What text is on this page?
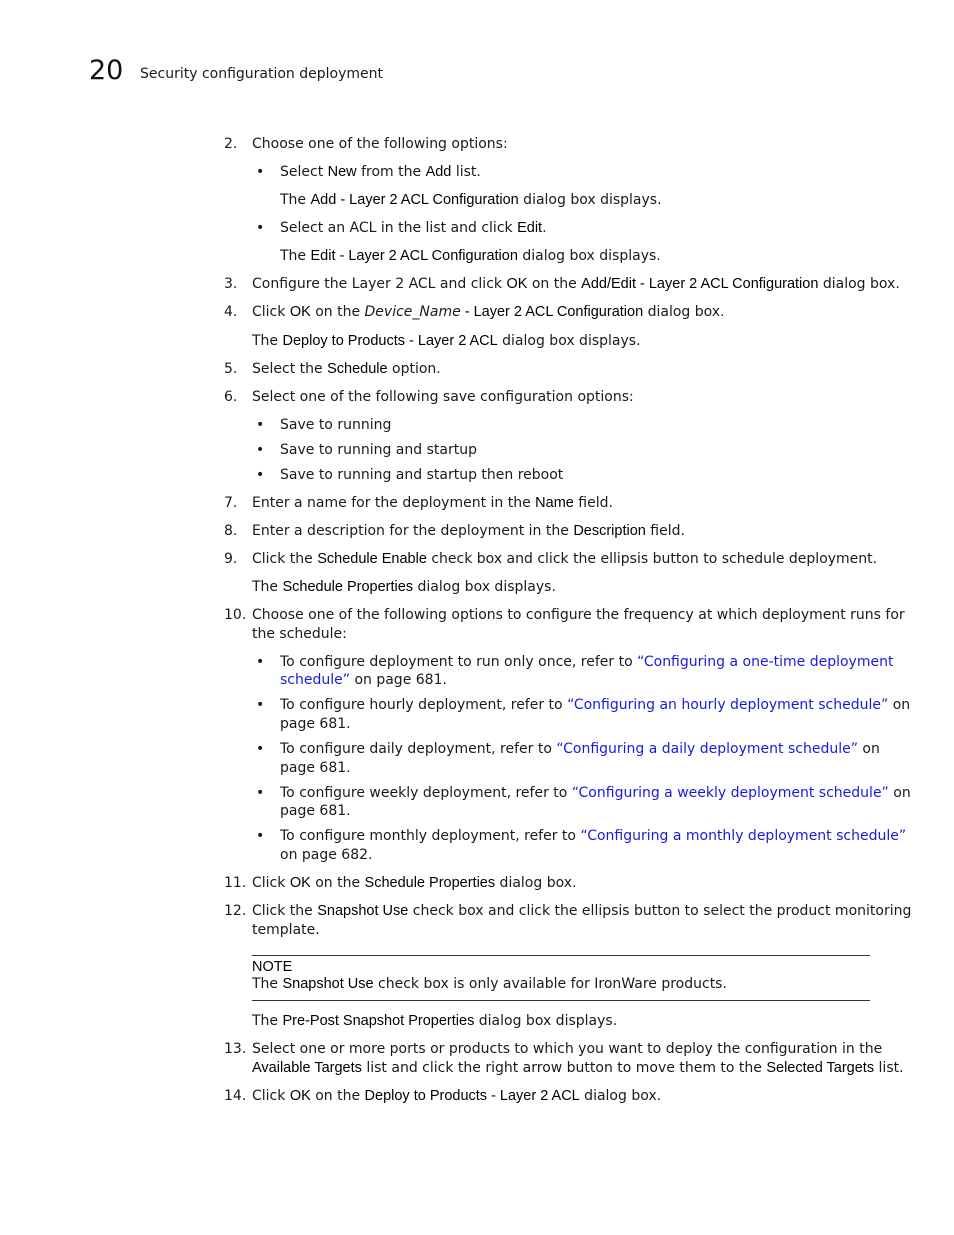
20 Security configuration deployment
2. Choose one of the following options:
• Select New from the Add list.
The Add - Layer 2 ACL Configuration dialog box displays.
• Select an ACL in the list and click Edit.
The Edit - Layer 2 ACL Configuration dialog box displays.
3. Configure the Layer 2 ACL and click OK on the Add/Edit - Layer 2 ACL Configuration dialog box.
4. Click OK on the Device_Name - Layer 2 ACL Configuration dialog box.
The Deploy to Products - Layer 2 ACL dialog box displays.
5. Select the Schedule option.
6. Select one of the following save configuration options:
• Save to running
• Save to running and startup
• Save to running and startup then reboot
7. Enter a name for the deployment in the Name field.
8. Enter a description for the deployment in the Description field.
9. Click the Schedule Enable check box and click the ellipsis button to schedule deployment.
The Schedule Properties dialog box displays.
10. Choose one of the following options to configure the frequency at which deployment runs for
the schedule:
• To configure deployment to run only once, refer to “Configuring a one-time deployment
schedule” on page 681.
• To configure hourly deployment, refer to “Configuring an hourly deployment schedule” on
page 681.
• To configure daily deployment, refer to “Configuring a daily deployment schedule” on
page 681.
• To configure weekly deployment, refer to “Configuring a weekly deployment schedule” on
page 681.
• To configure monthly deployment, refer to “Configuring a monthly deployment schedule”
on page 682.
11. Click OK on the Schedule Properties dialog box.
12. Click the Snapshot Use check box and click the ellipsis button to select the product monitoring
template.
NOTE
The Snapshot Use check box is only available for IronWare products.
The Pre-Post Snapshot Properties dialog box displays.
13. Select one or more ports or products to which you want to deploy the configuration in the
Available Targets list and click the right arrow button to move them to the Selected Targets list.
14. Click OK on the Deploy to Products - Layer 2 ACL dialog box.
